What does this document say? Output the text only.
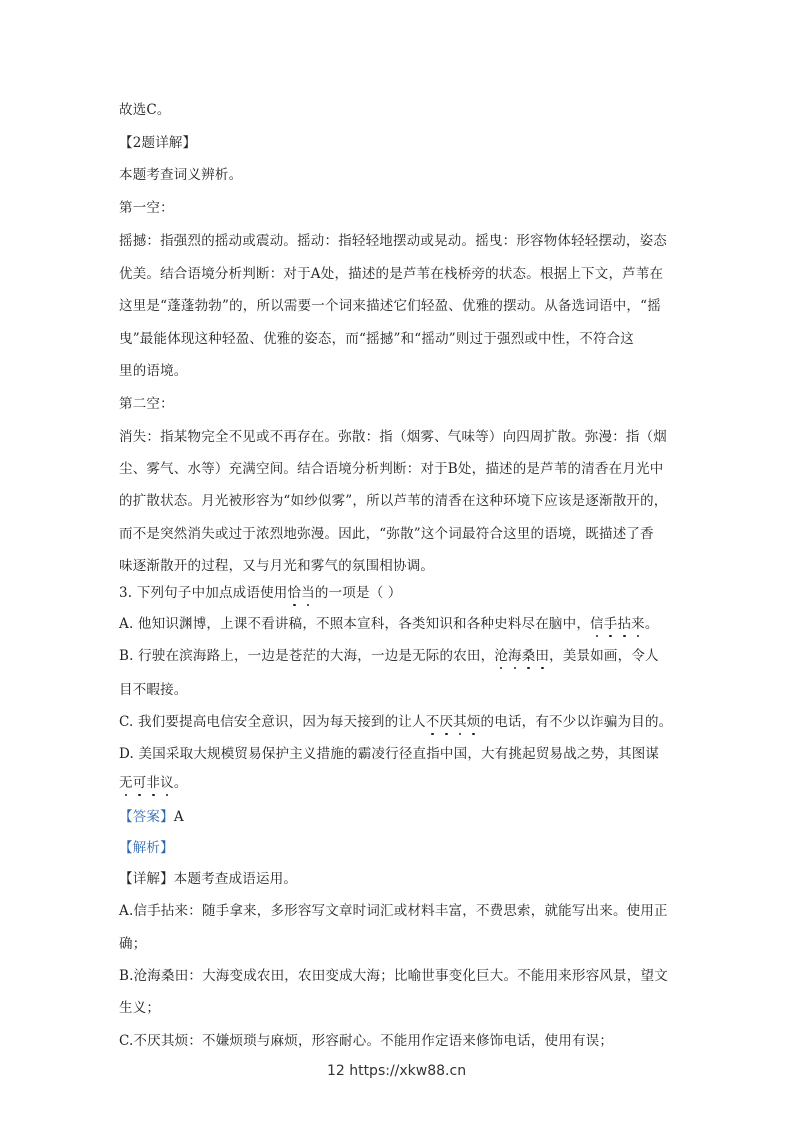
故选C。
【2题详解】
本题考查词义辨析。
第一空：
摇撼：指强烈的摇动或震动。摇动：指轻轻地摆动或晃动。摇曳：形容物体轻轻摆动，姿态
优美。结合语境分析判断：对于A处，描述的是芦苇在栈桥旁的状态。根据上下文，芦苇在
这里是“蓬蓬勃勃”的，所以需要一个词来描述它们轻盈、优雅的摆动。从备选词语中，“摇
曳”最能体现这种轻盈、优雅的姿态，而“摇撼”和“摇动”则过于强烈或中性，不符合这
里的语境。
第二空：
消失：指某物完全不见或不再存在。弥散：指（烟雾、气味等）向四周扩散。弥漫：指（烟
尘、雾气、水等）充满空间。结合语境分析判断：对于B处，描述的是芦苇的清香在月光中
的扩散状态。月光被形容为“如纱似雾”，所以芦苇的清香在这种环境下应该是逐渐散开的，
而不是突然消失或过于浓烈地弥漫。因此，“弥散”这个词最符合这里的语境，既描述了香
味逐渐散开的过程，又与月光和雾气的氛围相协调。
3. 下列句子中加点成语使用恰当的一项是（ ）
A. 他知识渊博，上课不看讲稿，不照本宣科，各类知识和各种史料尽在脑中，信手拈来。
B. 行驶在滨海路上，一边是苍茫的大海，一边是无际的农田，沧海桑田，美景如画，令人
目不暇接。
C. 我们要提高电信安全意识，因为每天接到的让人不厌其烦的电话，有不少以诈骗为目的。
D. 美国采取大规模贸易保护主义措施的霸凌行径直指中国，大有挑起贸易战之势，其图谋
无可非议。
【答案】A
【解析】
【详解】本题考查成语运用。
A.信手拈来：随手拿来，多形容写文章时词汇或材料丰富，不费思索，就能写出来。使用正
确；
B.沧海桑田：大海变成农田，农田变成大海；比喻世事变化巨大。不能用来形容风景，望文
生义；
C.不厌其烦：不嫌烦琐与麻烦，形容耐心。不能用作定语来修饰电话，使用有误；
12 https://xkw88.cn
